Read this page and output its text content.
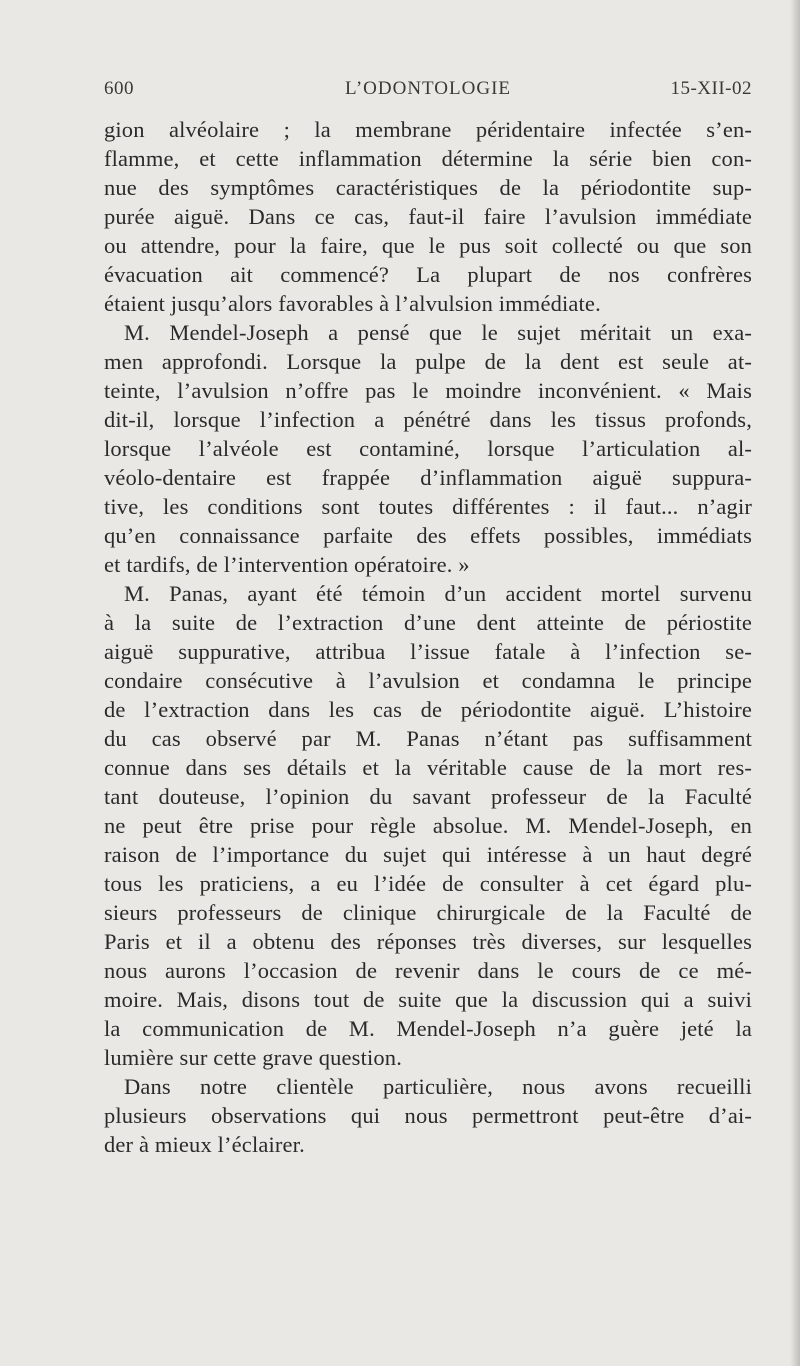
600	L’ODONTOLOGIE	15-XII-02
gion alvéolaire ; la membrane péridentaire infectée s’en-
flamme, et cette inflammation détermine la série bien con-
nue des symptômes caractéristiques de la périodontite sup-
purée aiguë. Dans ce cas, faut-il faire l’avulsion immédiate
ou attendre, pour la faire, que le pus soit collecté ou que son
évacuation ait commencé? La plupart de nos confrères
étaient jusqu’alors favorables à l’alvulsion immédiate.
M. Mendel-Joseph a pensé que le sujet méritait un exa-
men approfondi. Lorsque la pulpe de la dent est seule at-
teinte, l’avulsion n’offre pas le moindre inconvénient. « Mais
dit-il, lorsque l’infection a pénétré dans les tissus profonds,
lorsque l’alvéole est contaminé, lorsque l’articulation al-
véolo-dentaire est frappée d’inflammation aiguë suppura-
tive, les conditions sont toutes différentes : il faut... n’agir
qu’en connaissance parfaite des effets possibles, immédiats
et tardifs, de l’intervention opératoire. »
M. Panas, ayant été témoin d’un accident mortel survenu
à la suite de l’extraction d’une dent atteinte de périostite
aiguë suppurative, attribua l’issue fatale à l’infection se-
condaire consécutive à l’avulsion et condamna le principe
de l’extraction dans les cas de périodontite aiguë. L’histoire
du cas observé par M. Panas n’étant pas suffisamment
connue dans ses détails et la véritable cause de la mort res-
tant douteuse, l’opinion du savant professeur de la Faculté
ne peut être prise pour règle absolue. M. Mendel-Joseph, en
raison de l’importance du sujet qui intéresse à un haut degré
tous les praticiens, a eu l’idée de consulter à cet égard plu-
sieurs professeurs de clinique chirurgicale de la Faculté de
Paris et il a obtenu des réponses très diverses, sur lesquelles
nous aurons l’occasion de revenir dans le cours de ce mé-
moire. Mais, disons tout de suite que la discussion qui a suivi
la communication de M. Mendel-Joseph n’a guère jeté la
lumière sur cette grave question.
Dans notre clientèle particulière, nous avons recueilli
plusieurs observations qui nous permettront peut-être d’ai-
der à mieux l’éclairer.
